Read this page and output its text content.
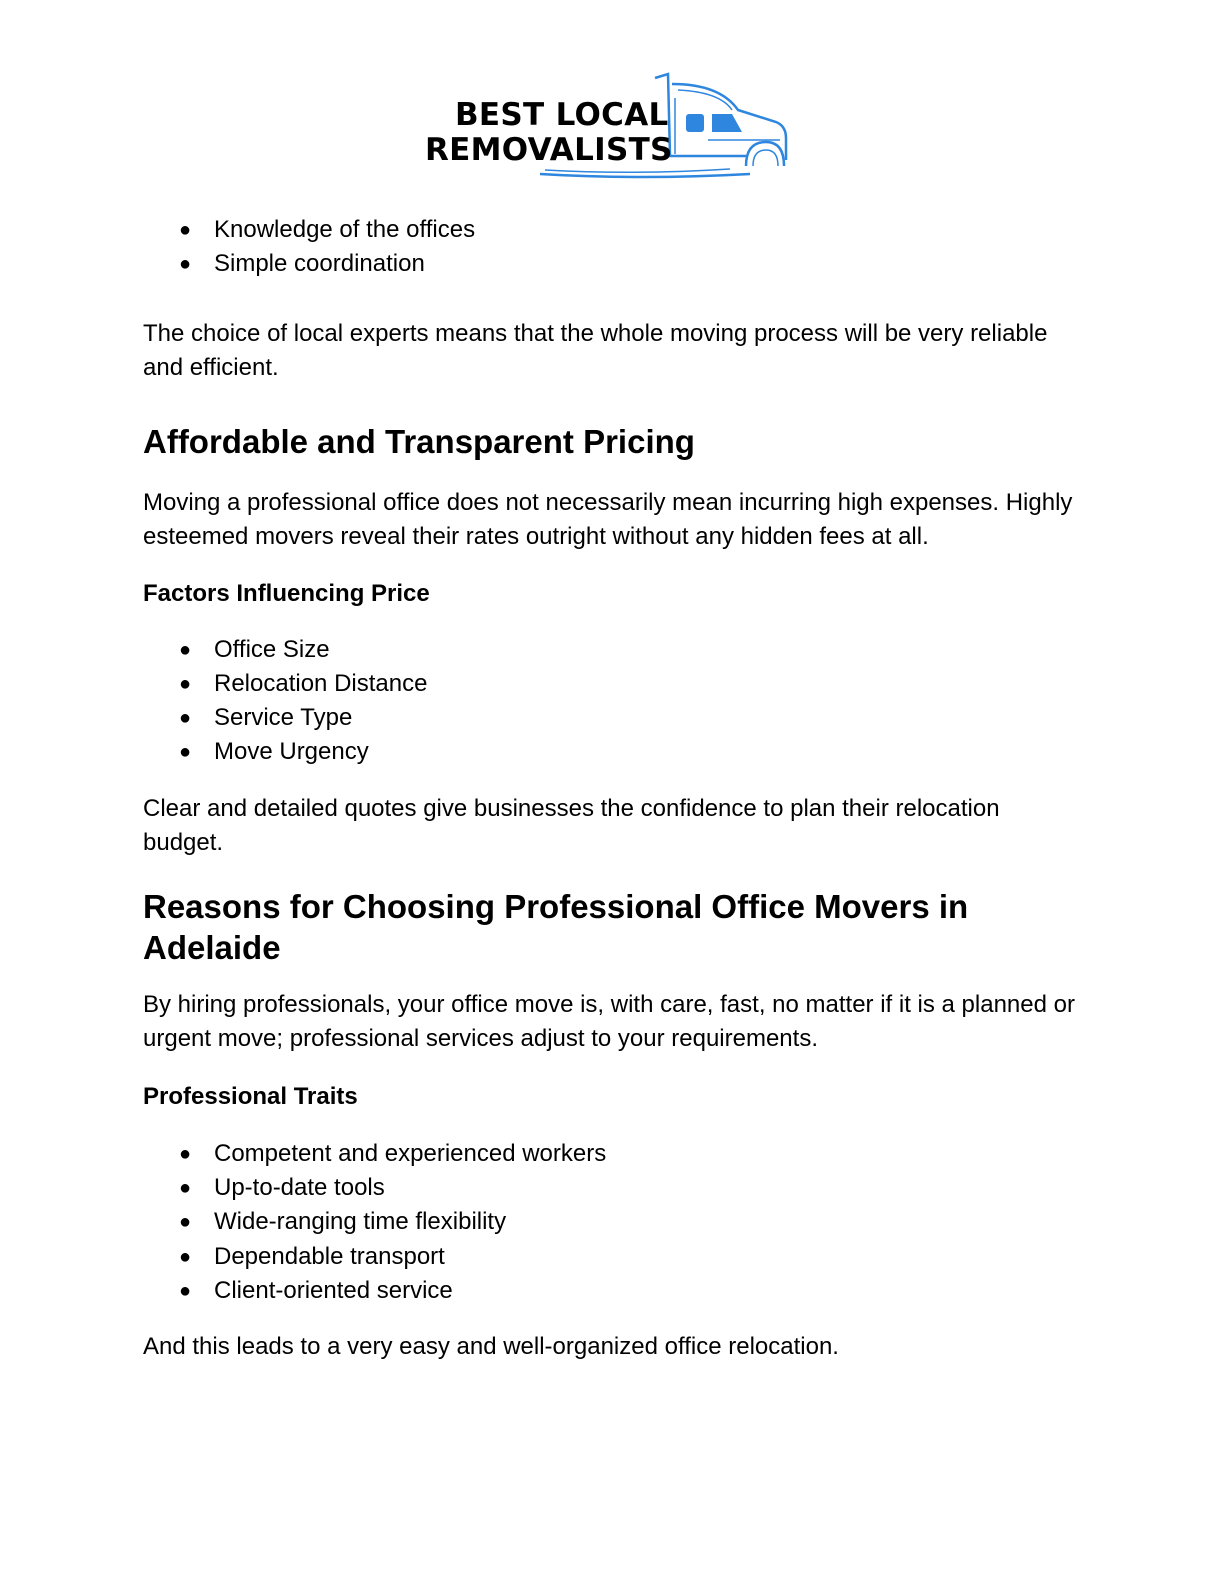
BEST LOCAL
REMOVALISTS
● Knowledge of the offices
● Simple coordination

The choice of local experts means that the whole moving process will be very reliable and efficient.

Affordable and Transparent Pricing

Moving a professional office does not necessarily mean incurring high expenses. Highly esteemed movers reveal their rates outright without any hidden fees at all.

Factors Influencing Price
● Office Size
● Relocation Distance
● Service Type
● Move Urgency

Clear and detailed quotes give businesses the confidence to plan their relocation budget.

Reasons for Choosing Professional Office Movers in Adelaide

By hiring professionals, your office move is, with care, fast, no matter if it is a planned or urgent move; professional services adjust to your requirements.

Professional Traits
● Competent and experienced workers
● Up-to-date tools
● Wide-ranging time flexibility
● Dependable transport
● Client-oriented service

And this leads to a very easy and well-organized office relocation.
